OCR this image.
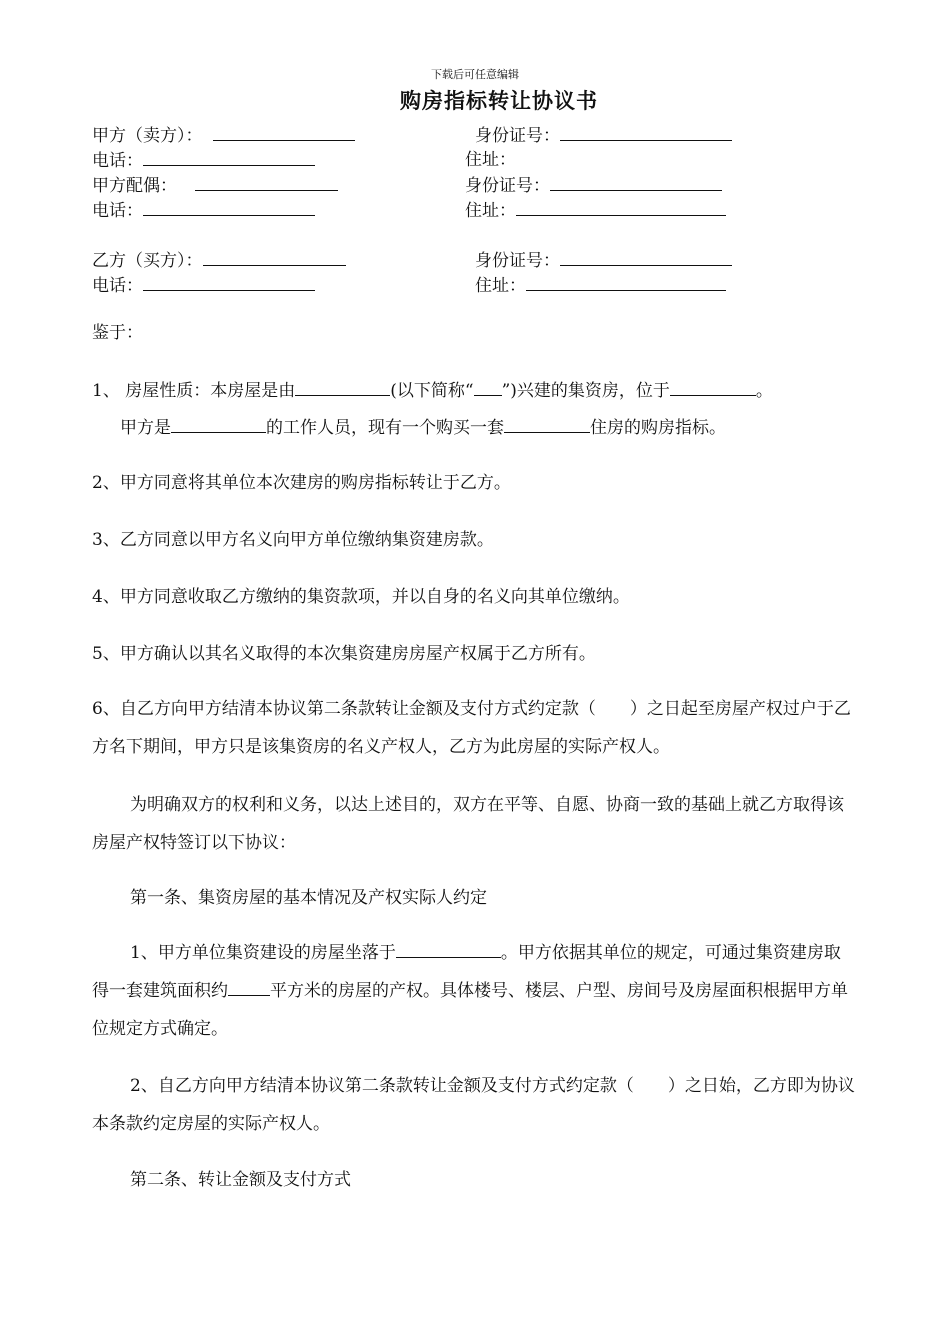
下载后可任意编辑
购房指标转让协议书
甲方（卖方）：	身份证号：
电话：	住址：
甲方配偶：	身份证号：
电话：	住址：
乙方（买方）：	身份证号：
电话：	住址：
鉴于：
1、 房屋性质：本房屋是由	(以下简称“ ”)兴建的集资房，位于	。
甲方是	的工作人员，现有一个购买一套	住房的购房指标。
2、甲方同意将其单位本次建房的购房指标转让于乙方。
3、乙方同意以甲方名义向甲方单位缴纳集资建房款。
4、甲方同意收取乙方缴纳的集资款项，并以自身的名义向其单位缴纳。
5、甲方确认以其名义取得的本次集资建房房屋产权属于乙方所有。
6、自乙方向甲方结清本协议第二条款转让金额及支付方式约定款（　　）之日起至房屋产权过户于乙方名下期间，甲方只是该集资房的名义产权人，乙方为此房屋的实际产权人。
为明确双方的权利和义务，以达上述目的，双方在平等、自愿、协商一致的基础上就乙方取得该房屋产权特签订以下协议：
第一条、集资房屋的基本情况及产权实际人约定
1、甲方单位集资建设的房屋坐落于	。甲方依据其单位的规定，可通过集资建房取得一套建筑面积约 平方米的房屋的产权。具体楼号、楼层、户型、房间号及房屋面积根据甲方单位规定方式确定。
2、自乙方向甲方结清本协议第二条款转让金额及支付方式约定款（　　）之日始，乙方即为协议本条款约定房屋的实际产权人。
第二条、转让金额及支付方式
